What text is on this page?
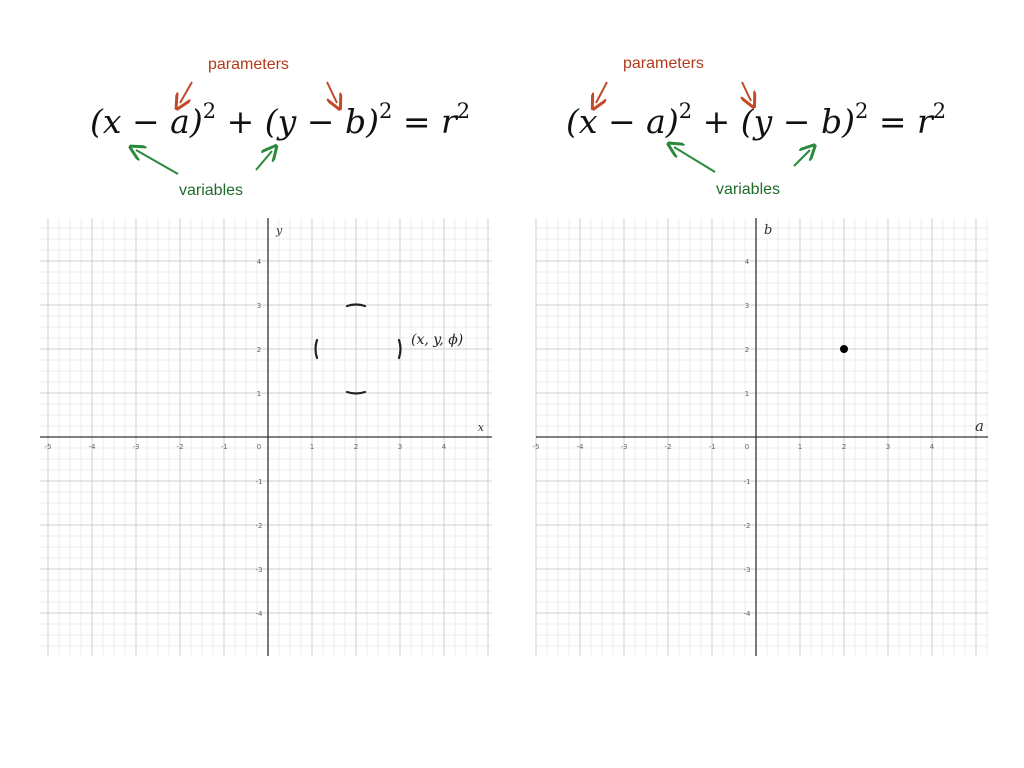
parameters
$(x - a)^2 + (y - b)^2 = r^2$
variables
-5	-4	-3	-2	-1	0	1	2	3	4
1
2
3
4
-1
-2
-3
-4
x
y
(x, y, ϕ)
parameters
$(x - a)^2 + (y - b)^2 = r^2$
variables
-5	-4	-3	-2	-1	0	1	2	3	4
1
2
3
4
-1
-2
-3
-4
a
b
